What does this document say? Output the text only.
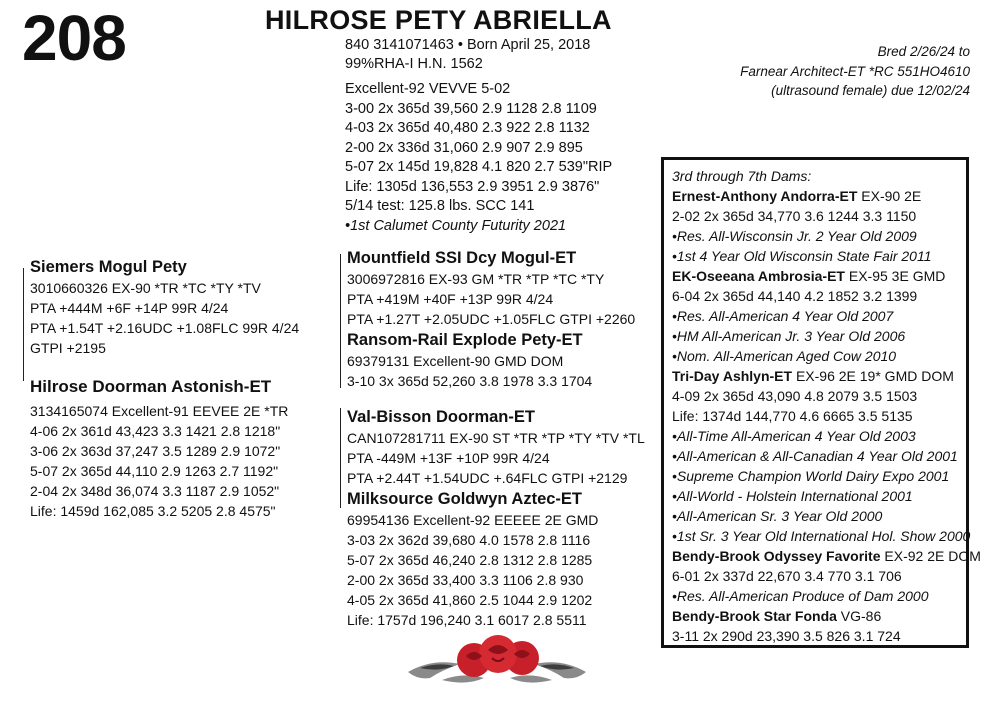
208	HILROSE PETY ABRIELLA
840 3141071463 • Born April 25, 2018
99%RHA-I H.N. 1562
Excellent-92 VEVVE 5-02
3-00 2x 365d 39,560 2.9 1128 2.8 1109
4-03 2x 365d 40,480 2.3 922 2.8 1132
2-00 2x 336d 31,060 2.9 907 2.9 895
5-07 2x 145d 19,828 4.1 820 2.7 539"RIP
Life: 1305d 136,553 2.9 3951 2.9 3876"
5/14 test: 125.8 lbs. SCC 141
•1st Calumet County Futurity 2021
Bred 2/26/24 to
Farnear Architect-ET *RC 551HO4610
(ultrasound female) due 12/02/24
Siemers Mogul Pety
3010660326 EX-90 *TR *TC *TY *TV
PTA +444M +6F +14P 99R 4/24
PTA +1.54T +2.16UDC +1.08FLC 99R 4/24
GTPI +2195
Hilrose Doorman Astonish-ET
3134165074 Excellent-91 EEVEE 2E *TR
4-06 2x 361d 43,423 3.3 1421 2.8 1218"
3-06 2x 363d 37,247 3.5 1289 2.9 1072"
5-07 2x 365d 44,110 2.9 1263 2.7 1192"
2-04 2x 348d 36,074 3.3 1187 2.9 1052"
Life: 1459d 162,085 3.2 5205 2.8 4575"
Mountfield SSI Dcy Mogul-ET
3006972816 EX-93 GM *TR *TP *TC *TY
PTA +419M +40F +13P 99R 4/24
PTA +1.27T +2.05UDC +1.05FLC GTPI +2260
Ransom-Rail Explode Pety-ET
69379131 Excellent-90 GMD DOM
3-10 3x 365d 52,260 3.8 1978 3.3 1704
Val-Bisson Doorman-ET
CAN107281711 EX-90 ST *TR *TP *TY *TV *TL
PTA -449M +13F +10P 99R 4/24
PTA +2.44T +1.54UDC +.64FLC GTPI +2129
Milksource Goldwyn Aztec-ET
69954136 Excellent-92 EEEEE 2E GMD
3-03 2x 362d 39,680 4.0 1578 2.8 1116
5-07 2x 365d 46,240 2.8 1312 2.8 1285
2-00 2x 365d 33,400 3.3 1106 2.8 930
4-05 2x 365d 41,860 2.5 1044 2.9 1202
Life: 1757d 196,240 3.1 6017 2.8 5511
3rd through 7th Dams:
Ernest-Anthony Andorra-ET EX-90 2E
2-02 2x 365d 34,770 3.6 1244 3.3 1150
•Res. All-Wisconsin Jr. 2 Year Old 2009
•1st 4 Year Old Wisconsin State Fair 2011
EK-Oseeana Ambrosia-ET EX-95 3E GMD
6-04 2x 365d 44,140 4.2 1852 3.2 1399
•Res. All-American 4 Year Old 2007
•HM All-American Jr. 3 Year Old 2006
•Nom. All-American Aged Cow 2010
Tri-Day Ashlyn-ET EX-96 2E 19* GMD DOM
4-09 2x 365d 43,090 4.8 2079 3.5 1503
Life: 1374d 144,770 4.6 6665 3.5 5135
•All-Time All-American 4 Year Old 2003
•All-American & All-Canadian 4 Year Old 2001
•Supreme Champion World Dairy Expo 2001
•All-World - Holstein International 2001
•All-American Sr. 3 Year Old 2000
•1st Sr. 3 Year Old International Hol. Show 2000
Bendy-Brook Odyssey Favorite EX-92 2E DOM
6-01 2x 337d 22,670 3.4 770 3.1 706
•Res. All-American Produce of Dam 2000
Bendy-Brook Star Fonda VG-86
3-11 2x 290d 23,390 3.5 826 3.1 724
